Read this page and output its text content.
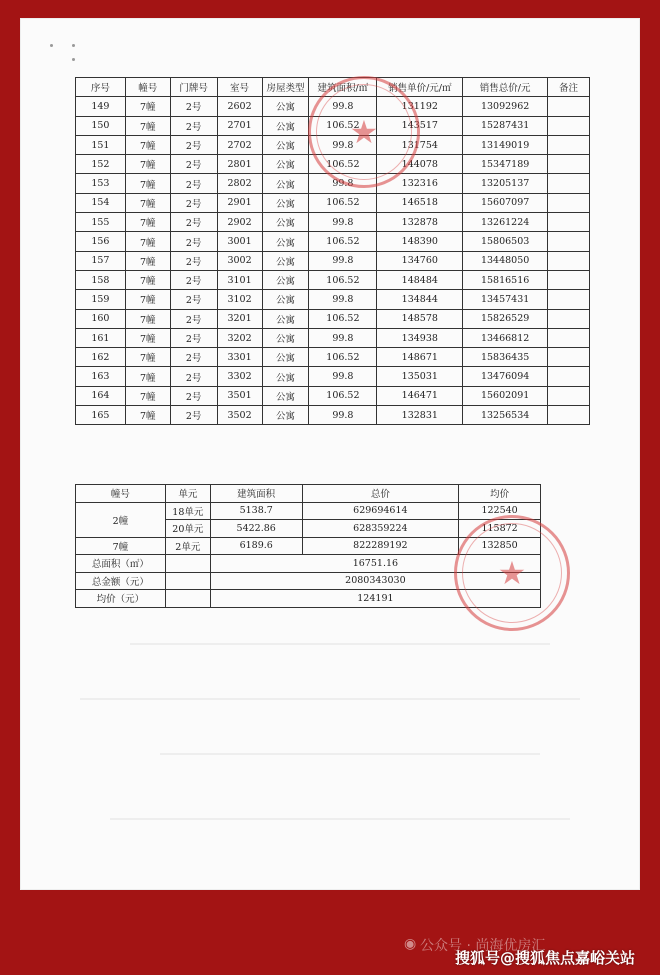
序号	幢号	门牌号	室号	房屋类型	建筑面积/㎡	销售单价/元/㎡	销售总价/元	备注
149	7幢	2号	2602	公寓	99.8	131192	13092962	
150	7幢	2号	2701	公寓	106.52	143517	15287431	
151	7幢	2号	2702	公寓	99.8	131754	13149019	
152	7幢	2号	2801	公寓	106.52	144078	15347189	
153	7幢	2号	2802	公寓	99.8	132316	13205137	
154	7幢	2号	2901	公寓	106.52	146518	15607097	
155	7幢	2号	2902	公寓	99.8	132878	13261224	
156	7幢	2号	3001	公寓	106.52	148390	15806503	
157	7幢	2号	3002	公寓	99.8	134760	13448050	
158	7幢	2号	3101	公寓	106.52	148484	15816516	
159	7幢	2号	3102	公寓	99.8	134844	13457431	
160	7幢	2号	3201	公寓	106.52	148578	15826529	
161	7幢	2号	3202	公寓	99.8	134938	13466812	
162	7幢	2号	3301	公寓	106.52	148671	15836435	
163	7幢	2号	3302	公寓	99.8	135031	13476094	
164	7幢	2号	3501	公寓	106.52	146471	15602091	
165	7幢	2号	3502	公寓	99.8	132831	13256534	
幢号	单元	建筑面积	总价	均价
2幢	18单元	5138.7	629694614	122540
	20单元	5422.86	628359224	115872
7幢	2单元	6189.6	822289192	132850
总面积（㎡）		16751.16		
总金额（元）		2080343030		
均价（元）		124191		
★
★
◉ 公众号 · 尚海优房汇
搜狐号@搜狐焦点嘉峪关站
